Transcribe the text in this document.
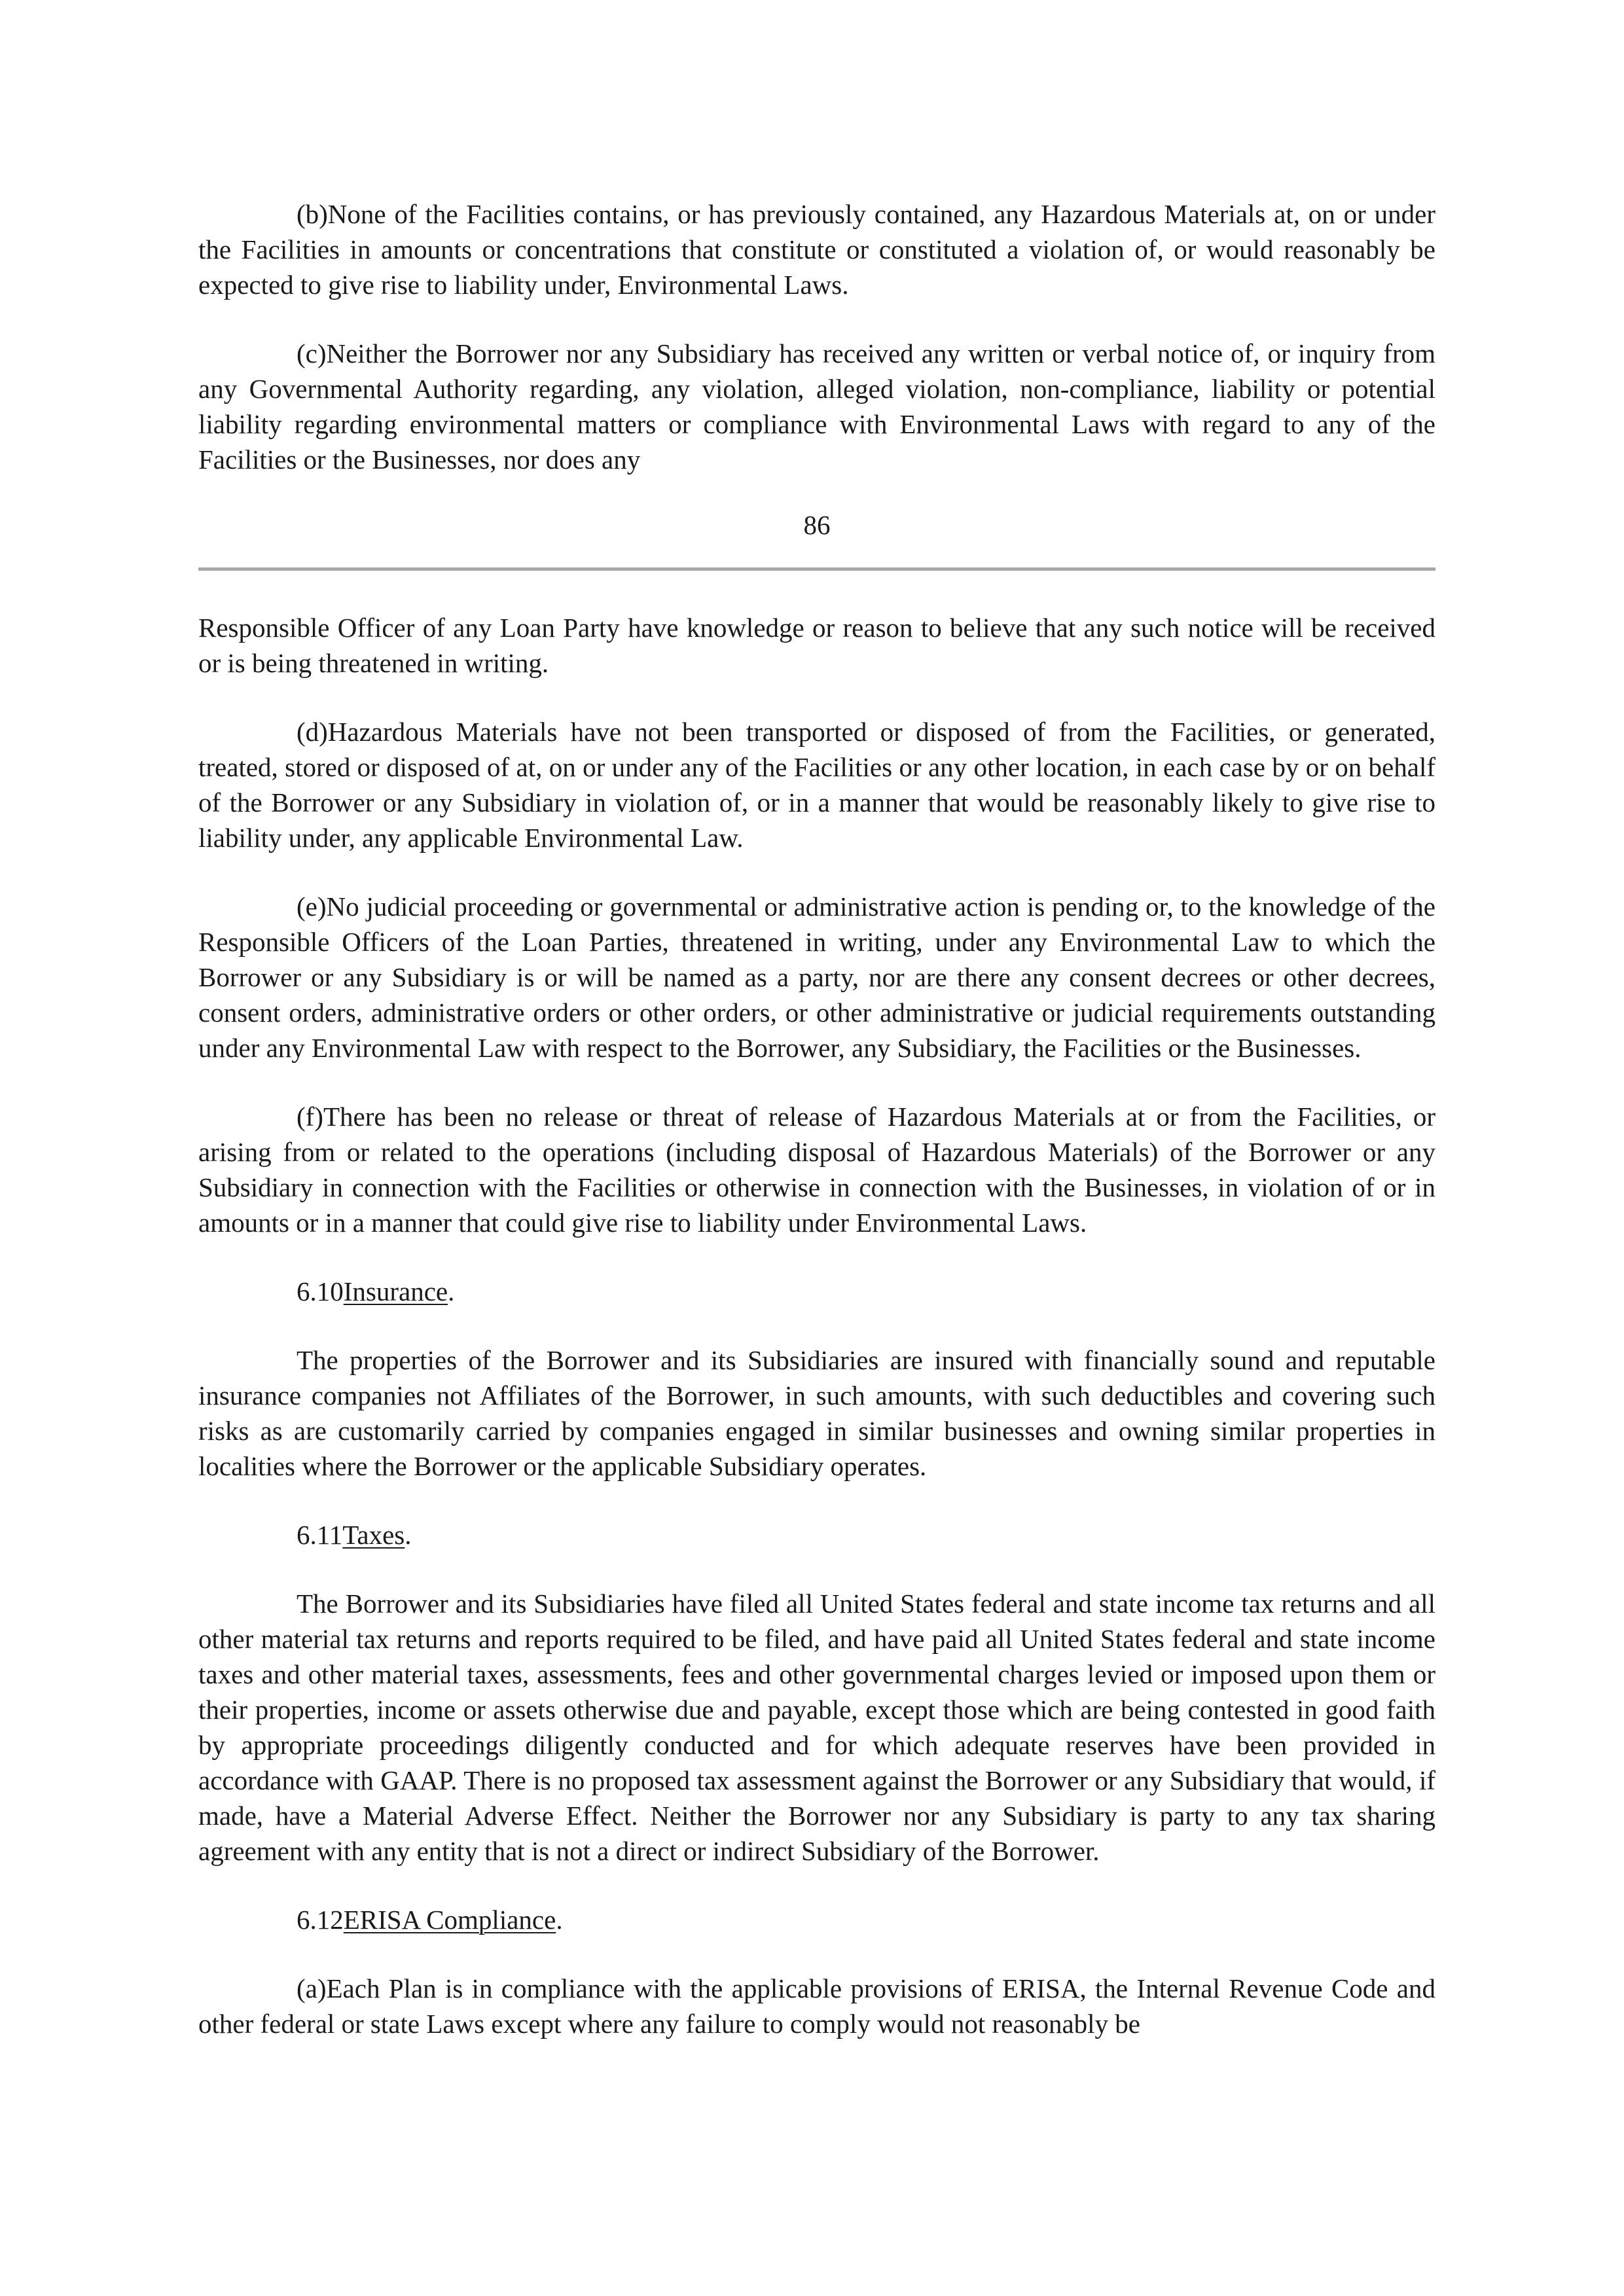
(b)None of the Facilities contains, or has previously contained, any Hazardous Materials at, on or under the Facilities in amounts or concentrations that constitute or constituted a violation of, or would reasonably be expected to give rise to liability under, Environmental Laws.

(c)Neither the Borrower nor any Subsidiary has received any written or verbal notice of, or inquiry from any Governmental Authority regarding, any violation, alleged violation, non-compliance, liability or potential liability regarding environmental matters or compliance with Environmental Laws with regard to any of the Facilities or the Businesses, nor does any

86

Responsible Officer of any Loan Party have knowledge or reason to believe that any such notice will be received or is being threatened in writing.

(d)Hazardous Materials have not been transported or disposed of from the Facilities, or generated, treated, stored or disposed of at, on or under any of the Facilities or any other location, in each case by or on behalf of the Borrower or any Subsidiary in violation of, or in a manner that would be reasonably likely to give rise to liability under, any applicable Environmental Law.

(e)No judicial proceeding or governmental or administrative action is pending or, to the knowledge of the Responsible Officers of the Loan Parties, threatened in writing, under any Environmental Law to which the Borrower or any Subsidiary is or will be named as a party, nor are there any consent decrees or other decrees, consent orders, administrative orders or other orders, or other administrative or judicial requirements outstanding under any Environmental Law with respect to the Borrower, any Subsidiary, the Facilities or the Businesses.

(f)There has been no release or threat of release of Hazardous Materials at or from the Facilities, or arising from or related to the operations (including disposal of Hazardous Materials) of the Borrower or any Subsidiary in connection with the Facilities or otherwise in connection with the Businesses, in violation of or in amounts or in a manner that could give rise to liability under Environmental Laws.

6.10Insurance.

The properties of the Borrower and its Subsidiaries are insured with financially sound and reputable insurance companies not Affiliates of the Borrower, in such amounts, with such deductibles and covering such risks as are customarily carried by companies engaged in similar businesses and owning similar properties in localities where the Borrower or the applicable Subsidiary operates.

6.11Taxes.

The Borrower and its Subsidiaries have filed all United States federal and state income tax returns and all other material tax returns and reports required to be filed, and have paid all United States federal and state income taxes and other material taxes, assessments, fees and other governmental charges levied or imposed upon them or their properties, income or assets otherwise due and payable, except those which are being contested in good faith by appropriate proceedings diligently conducted and for which adequate reserves have been provided in accordance with GAAP. There is no proposed tax assessment against the Borrower or any Subsidiary that would, if made, have a Material Adverse Effect. Neither the Borrower nor any Subsidiary is party to any tax sharing agreement with any entity that is not a direct or indirect Subsidiary of the Borrower.

6.12ERISA Compliance.

(a)Each Plan is in compliance with the applicable provisions of ERISA, the Internal Revenue Code and other federal or state Laws except where any failure to comply would not reasonably be
